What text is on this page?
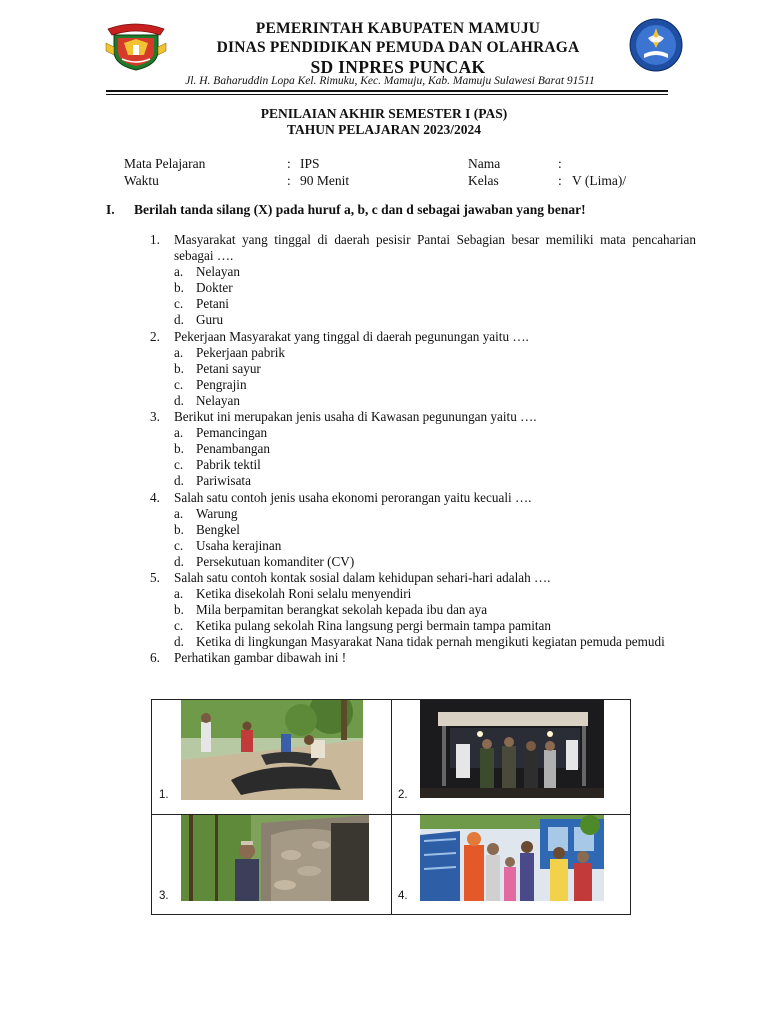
PEMERINTAH KABUPATEN MAMUJU
DINAS PENDIDIKAN PEMUDA DAN OLAHRAGA
SD INPRES PUNCAK
Jl. H. Baharuddin Lopa Kel. Rimuku, Kec. Mamuju, Kab. Mamuju Sulawesi Barat 91511
PENILAIAN AKHIR SEMESTER I (PAS)
TAHUN PELAJARAN 2023/2024
Mata Pelajaran	: IPS	Nama	:
Waktu	: 90 Menit	Kelas	: V (Lima)/
I. Berilah tanda silang (X) pada huruf a, b, c dan d sebagai jawaban yang benar!
1. Masyarakat yang tinggal di daerah pesisir Pantai Sebagian besar memiliki mata pencaharian sebagai ….
a. Nelayan
b. Dokter
c. Petani
d. Guru
2. Pekerjaan Masyarakat yang tinggal di daerah pegunungan yaitu ….
a. Pekerjaan pabrik
b. Petani sayur
c. Pengrajin
d. Nelayan
3. Berikut ini merupakan jenis usaha di Kawasan pegunungan yaitu ….
a. Pemancingan
b. Penambangan
c. Pabrik tektil
d. Pariwisata
4. Salah satu contoh jenis usaha ekonomi perorangan yaitu kecuali ….
a. Warung
b. Bengkel
c. Usaha kerajinan
d. Persekutuan komanditer (CV)
5. Salah satu contoh kontak sosial dalam kehidupan sehari-hari adalah ….
a. Ketika disekolah Roni selalu menyendiri
b. Mila berpamitan berangkat sekolah kepada ibu dan aya
c. Ketika pulang sekolah Rina langsung pergi bermain tampa pamitan
d. Ketika di lingkungan Masyarakat Nana tidak pernah mengikuti kegiatan pemuda pemudi
6. Perhatikan gambar dibawah ini !
1.	2.
3.	4.
